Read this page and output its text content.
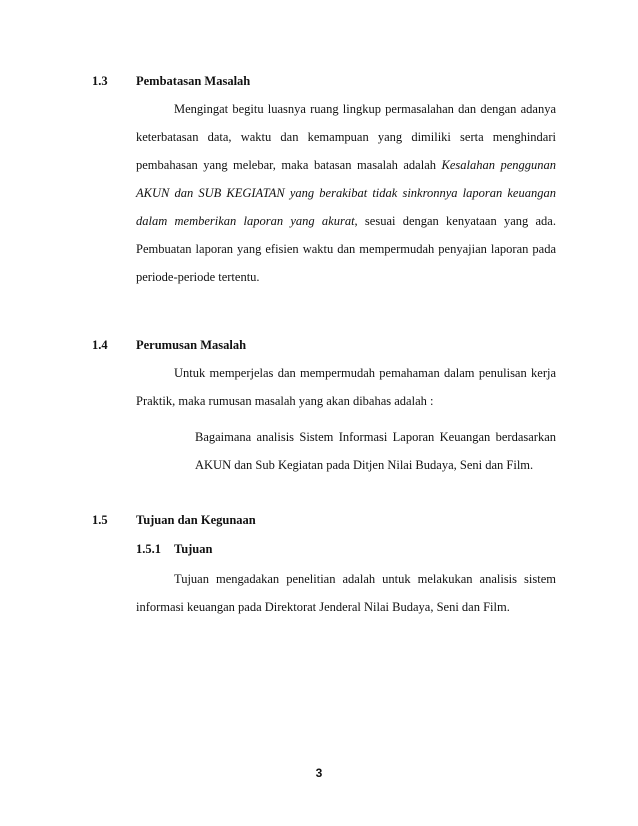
1.3 Pembatasan Masalah
Mengingat begitu luasnya ruang lingkup permasalahan dan dengan adanya
keterbatasan data, waktu dan kemampuan yang dimiliki serta menghindari
pembahasan yang melebar, maka batasan masalah adalah Kesalahan penggunan
AKUN dan SUB KEGIATAN yang berakibat tidak sinkronnya laporan keuangan
dalam memberikan laporan yang akurat, sesuai dengan kenyataan yang ada.
Pembuatan laporan yang efisien waktu dan mempermudah penyajian laporan pada
periode-periode tertentu.
1.4 Perumusan Masalah
Untuk memperjelas dan mempermudah pemahaman dalam penulisan kerja
Praktik, maka rumusan masalah yang akan dibahas adalah :
Bagaimana analisis Sistem Informasi Laporan Keuangan berdasarkan
AKUN dan Sub Kegiatan pada Ditjen Nilai Budaya, Seni dan Film.
1.5 Tujuan dan Kegunaan
1.5.1 Tujuan
Tujuan mengadakan penelitian adalah untuk melakukan analisis sistem
informasi keuangan pada Direktorat Jenderal Nilai Budaya, Seni dan Film.
3
